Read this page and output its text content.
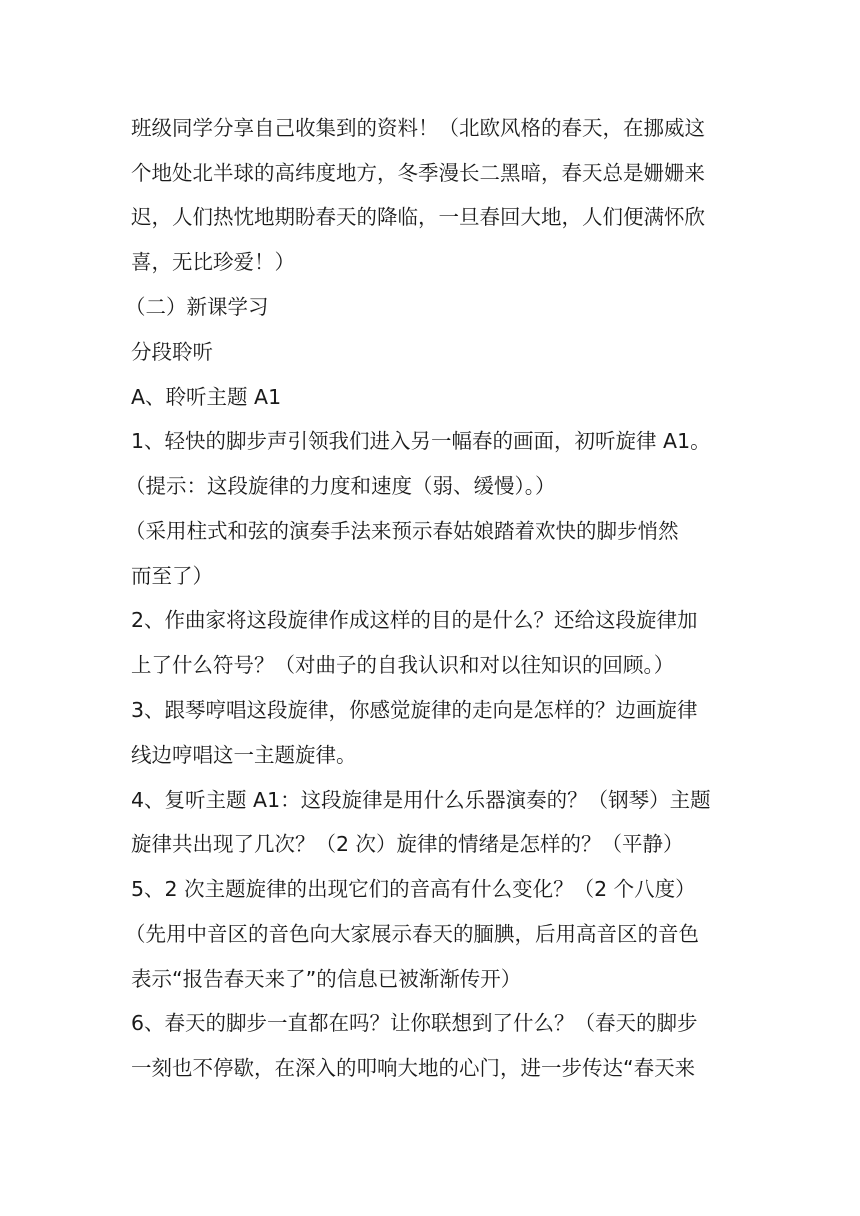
班级同学分享自己收集到的资料！（北欧风格的春天，在挪威这
个地处北半球的高纬度地方，冬季漫长二黑暗，春天总是姗姗来
迟，人们热忱地期盼春天的降临，一旦春回大地，人们便满怀欣
喜，无比珍爱！）
（二）新课学习
分段聆听
A、聆听主题 A1
1、轻快的脚步声引领我们进入另一幅春的画面，初听旋律 A1。
（提示：这段旋律的力度和速度（弱、缓慢）。）
（采用柱式和弦的演奏手法来预示春姑娘踏着欢快的脚步悄然
而至了）
2、作曲家将这段旋律作成这样的目的是什么？还给这段旋律加
上了什么符号？（对曲子的自我认识和对以往知识的回顾。）
3、跟琴哼唱这段旋律，你感觉旋律的走向是怎样的？边画旋律
线边哼唱这一主题旋律。
4、复听主题 A1：这段旋律是用什么乐器演奏的？（钢琴）主题
旋律共出现了几次？（2 次）旋律的情绪是怎样的？（平静）
5、2 次主题旋律的出现它们的音高有什么变化？（2 个八度）
（先用中音区的音色向大家展示春天的腼腆，后用高音区的音色
表示“报告春天来了”的信息已被渐渐传开）
6、春天的脚步一直都在吗？让你联想到了什么？（春天的脚步
一刻也不停歇，在深入的叩响大地的心门，进一步传达“春天来
